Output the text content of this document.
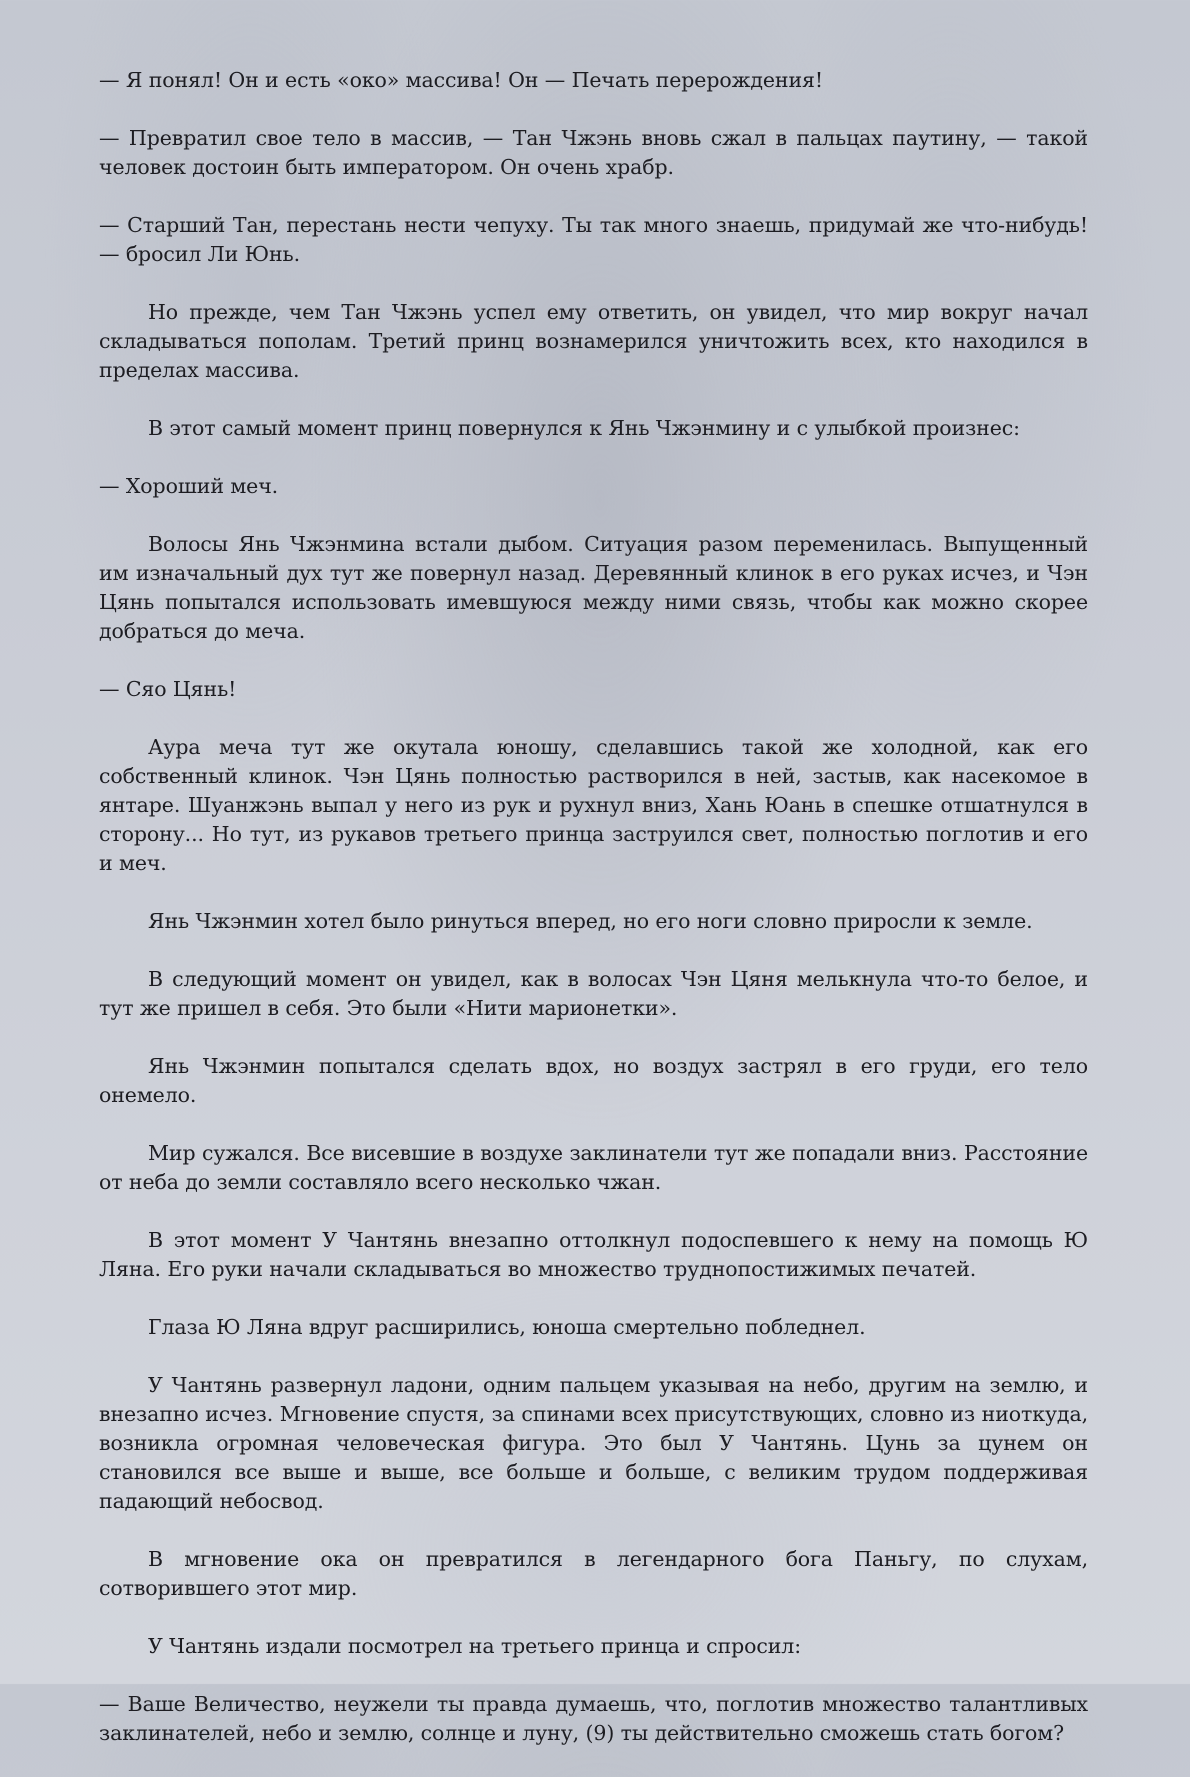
— Я понял! Он и есть «око» массива! Он — Печать перерождения!

— Превратил свое тело в массив, — Тан Чжэнь вновь сжал в пальцах паутину, — такой человек достоин быть императором. Он очень храбр.

— Старший Тан, перестань нести чепуху. Ты так много знаешь, придумай же что-нибудь! — бросил Ли Юнь.

Но прежде, чем Тан Чжэнь успел ему ответить, он увидел, что мир вокруг начал складываться пополам. Третий принц вознамерился уничтожить всех, кто находился в пределах массива.

В этот самый момент принц повернулся к Янь Чжэнмину и с улыбкой произнес:

— Хороший меч.

Волосы Янь Чжэнмина встали дыбом. Ситуация разом переменилась. Выпущенный им изначальный дух тут же повернул назад. Деревянный клинок в его руках исчез, и Чэн Цянь попытался использовать имевшуюся между ними связь, чтобы как можно скорее добраться до меча.

— Сяо Цянь!

Аура меча тут же окутала юношу, сделавшись такой же холодной, как его собственный клинок. Чэн Цянь полностью растворился в ней, застыв, как насекомое в янтаре. Шуанжэнь выпал у него из рук и рухнул вниз, Хань Юань в спешке отшатнулся в сторону... Но тут, из рукавов третьего принца заструился свет, полностью поглотив и его и меч.

Янь Чжэнмин хотел было ринуться вперед, но его ноги словно приросли к земле.

В следующий момент он увидел, как в волосах Чэн Цяня мелькнула что-то белое, и тут же пришел в себя. Это были «Нити марионетки».

Янь Чжэнмин попытался сделать вдох, но воздух застрял в его груди, его тело онемело.

Мир сужался. Все висевшие в воздухе заклинатели тут же попадали вниз. Расстояние от неба до земли составляло всего несколько чжан.

В этот момент У Чантянь внезапно оттолкнул подоспевшего к нему на помощь Ю Ляна. Его руки начали складываться во множество труднопостижимых печатей.

Глаза Ю Ляна вдруг расширились, юноша смертельно побледнел.

У Чантянь развернул ладони, одним пальцем указывая на небо, другим на землю, и внезапно исчез. Мгновение спустя, за спинами всех присутствующих, словно из ниоткуда, возникла огромная человеческая фигура. Это был У Чантянь. Цунь за цунем он становился все выше и выше, все больше и больше, с великим трудом поддерживая падающий небосвод.

В мгновение ока он превратился в легендарного бога Паньгу, по слухам, сотворившего этот мир.

У Чантянь издали посмотрел на третьего принца и спросил:

— Ваше Величество, неужели ты правда думаешь, что, поглотив множество талантливых заклинателей, небо и землю, солнце и луну, (9) ты действительно сможешь стать богом?
